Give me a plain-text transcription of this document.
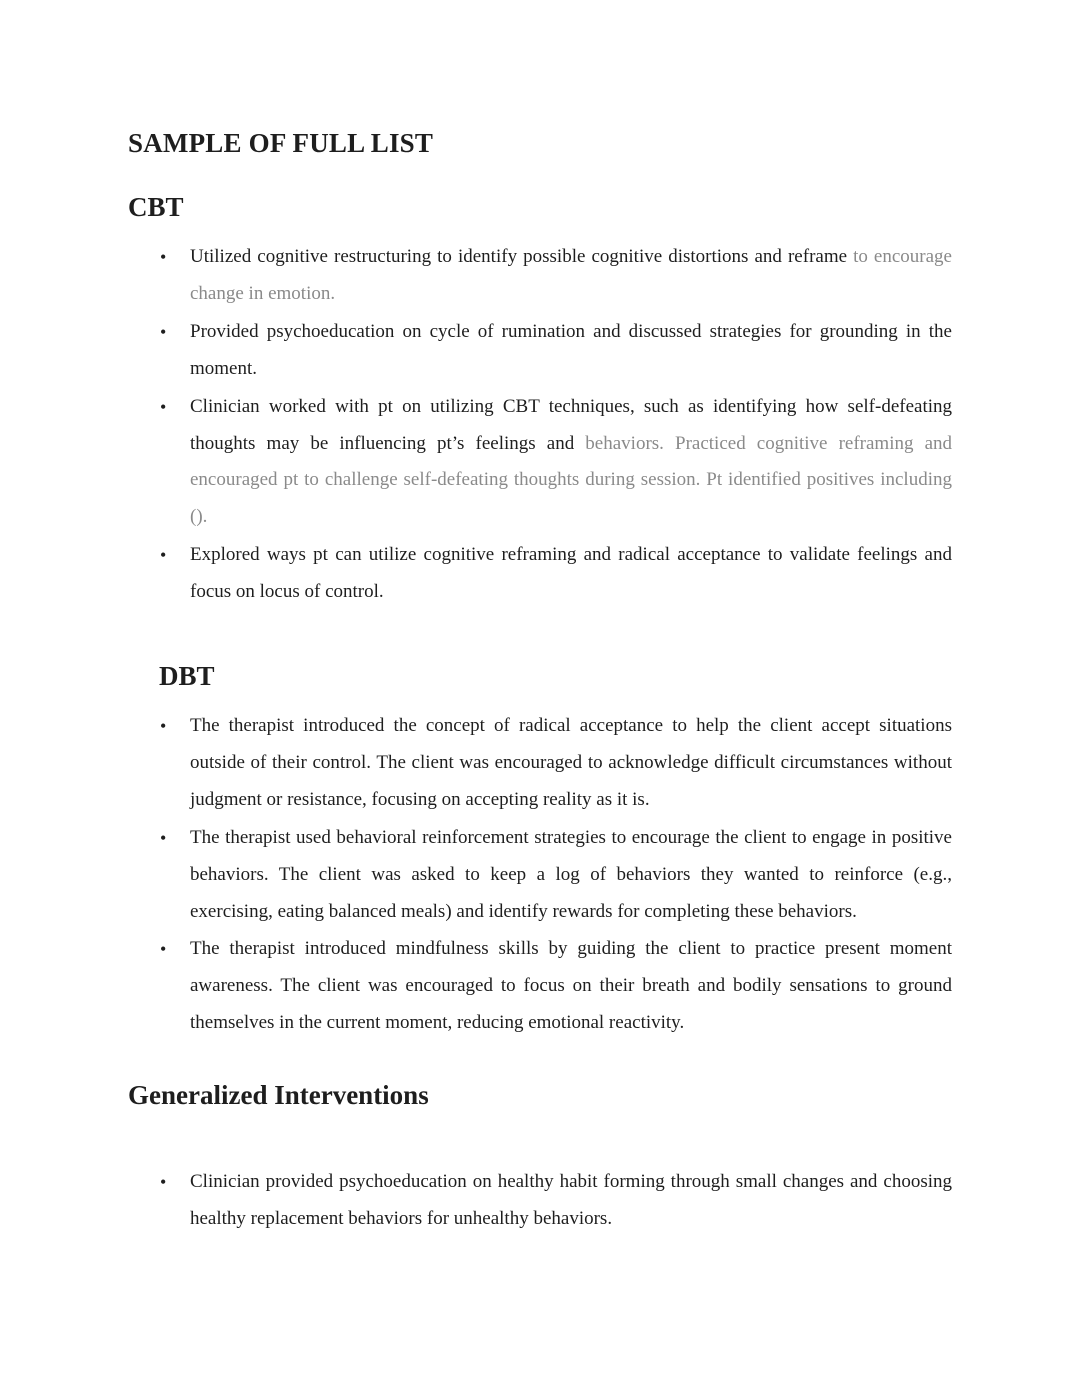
SAMPLE OF FULL LIST
CBT
• Utilized cognitive restructuring to identify possible cognitive distortions and reframe to encourage change in emotion.
• Provided psychoeducation on cycle of rumination and discussed strategies for grounding in the moment.
• Clinician worked with pt on utilizing CBT techniques, such as identifying how self-defeating thoughts may be influencing pt’s feelings and behaviors. Practiced cognitive reframing and encouraged pt to challenge self-defeating thoughts during session. Pt identified positives including ().
• Explored ways pt can utilize cognitive reframing and radical acceptance to validate feelings and focus on locus of control.
DBT
• The therapist introduced the concept of radical acceptance to help the client accept situations outside of their control. The client was encouraged to acknowledge difficult circumstances without judgment or resistance, focusing on accepting reality as it is.
• The therapist used behavioral reinforcement strategies to encourage the client to engage in positive behaviors. The client was asked to keep a log of behaviors they wanted to reinforce (e.g., exercising, eating balanced meals) and identify rewards for completing these behaviors.
• The therapist introduced mindfulness skills by guiding the client to practice present moment awareness. The client was encouraged to focus on their breath and bodily sensations to ground themselves in the current moment, reducing emotional reactivity.
Generalized Interventions
• Clinician provided psychoeducation on healthy habit forming through small changes and choosing healthy replacement behaviors for unhealthy behaviors.
